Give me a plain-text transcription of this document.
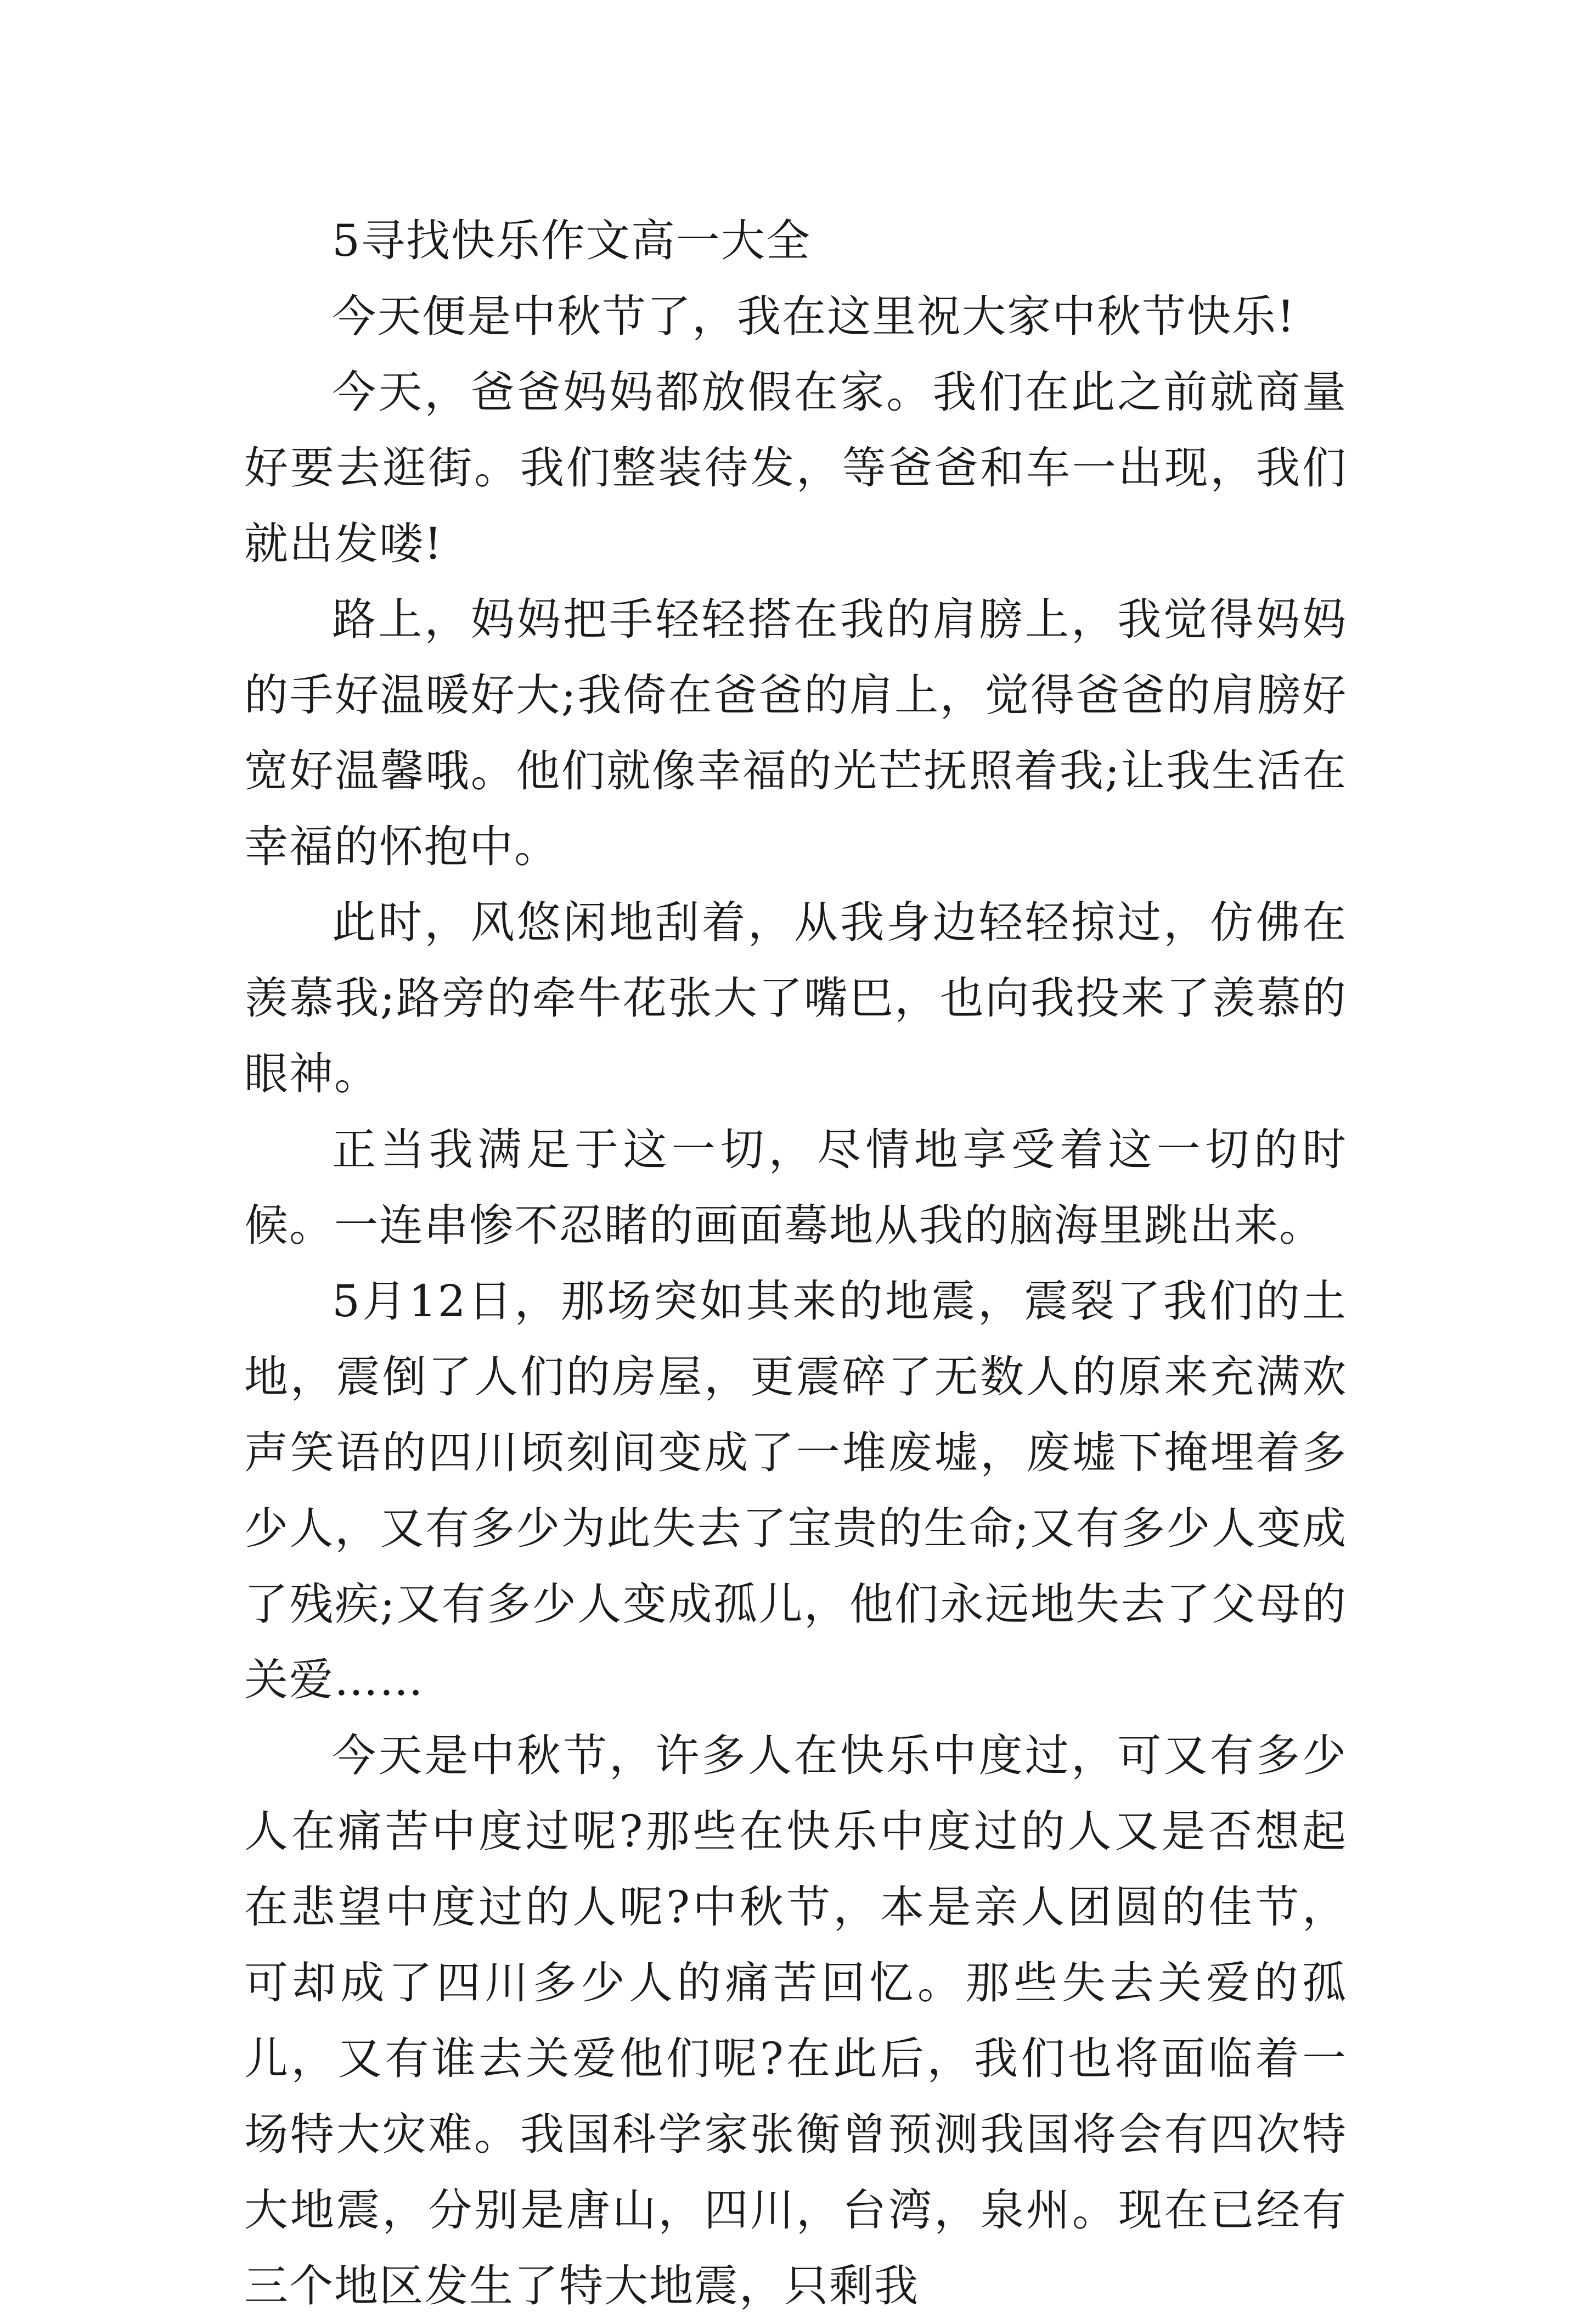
5寻找快乐作文高一大全

今天便是中秋节了，我在这里祝大家中秋节快乐!

今天，爸爸妈妈都放假在家。我们在此之前就商量好要去逛街。我们整装待发，等爸爸和车一出现，我们就出发喽!

路上，妈妈把手轻轻搭在我的肩膀上，我觉得妈妈的手好温暖好大;我倚在爸爸的肩上，觉得爸爸的肩膀好宽好温馨哦。他们就像幸福的光芒抚照着我;让我生活在幸福的怀抱中。

此时，风悠闲地刮着，从我身边轻轻掠过，仿佛在羡慕我;路旁的牵牛花张大了嘴巴，也向我投来了羡慕的眼神。

正当我满足于这一切，尽情地享受着这一切的时候。一连串惨不忍睹的画面蓦地从我的脑海里跳出来。

5月12日，那场突如其来的地震，震裂了我们的土地，震倒了人们的房屋，更震碎了无数人的原来充满欢声笑语的四川顷刻间变成了一堆废墟，废墟下掩埋着多少人，又有多少为此失去了宝贵的生命;又有多少人变成了残疾;又有多少人变成孤儿，他们永远地失去了父母的关爱……

今天是中秋节，许多人在快乐中度过，可又有多少人在痛苦中度过呢?那些在快乐中度过的人又是否想起在悲望中度过的人呢?中秋节，本是亲人团圆的佳节，可却成了四川多少人的痛苦回忆。那些失去关爱的孤儿，又有谁去关爱他们呢?在此后，我们也将面临着一场特大灾难。我国科学家张衡曾预测我国将会有四次特大地震，分别是唐山，四川，台湾，泉州。现在已经有三个地区发生了特大地震，只剩我
